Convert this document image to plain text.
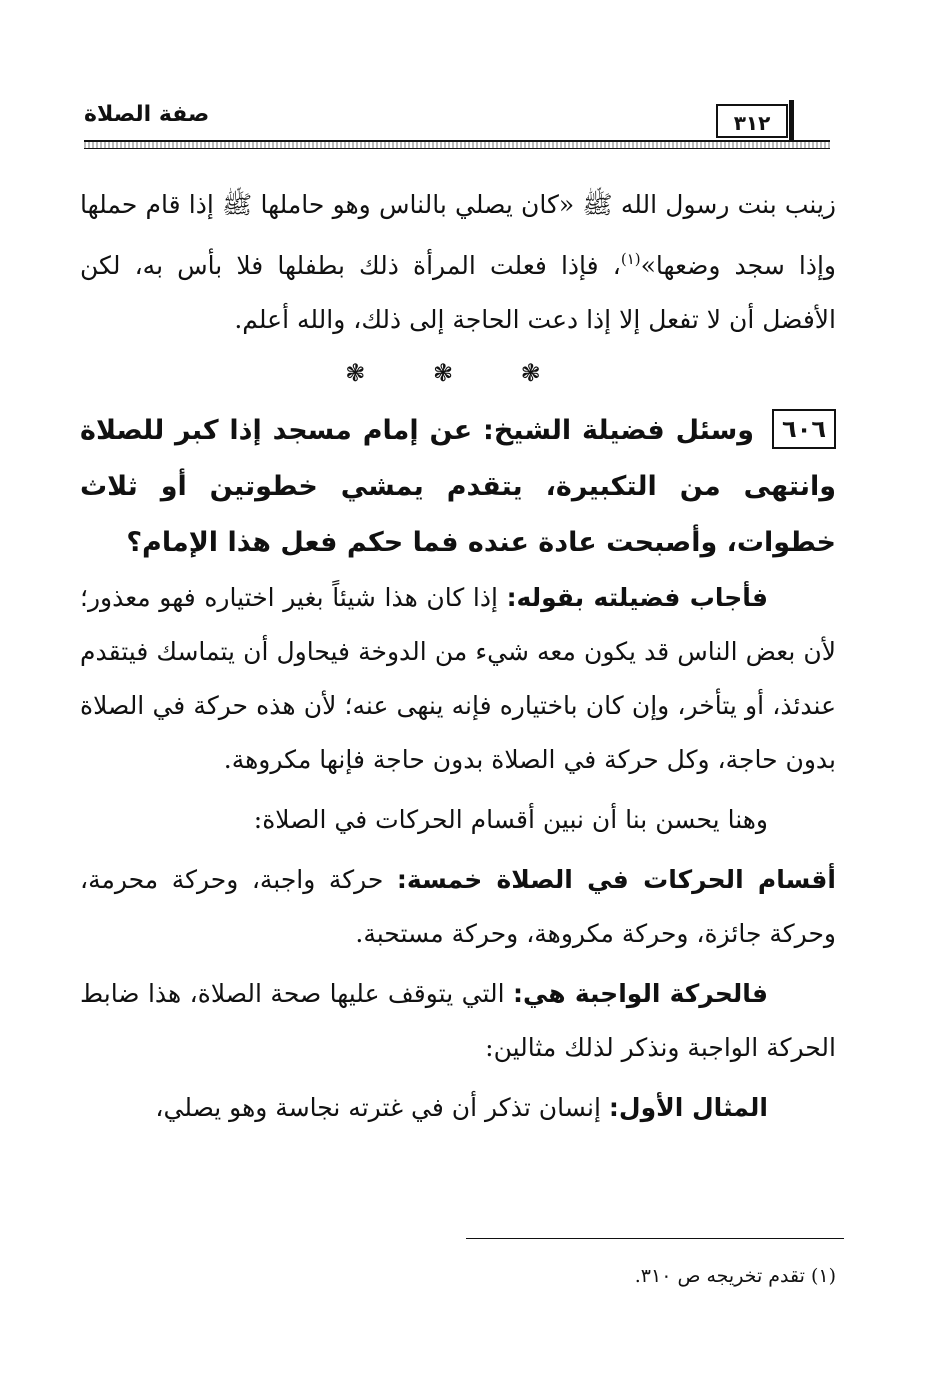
صفة الصلاة	٣١٢

زينب بنت رسول الله ﷺ «كان يصلي بالناس وهو حاملها ﷺ إذا قام حملها وإذا سجد وضعها»$^{(١)}$، فإذا فعلت المرأة ذلك بطفلها فلا بأس به، لكن الأفضل أن لا تفعل إلا إذا دعت الحاجة إلى ذلك، والله أعلم.

❃ ❃ ❃

٦٠٦وسئل فضيلة الشيخ: عن إمام مسجد إذا كبر للصلاة وانتهى من التكبيرة، يتقدم يمشي خطوتين أو ثلاث خطوات، وأصبحت عادة عنده فما حكم فعل هذا الإمام؟

فأجاب فضيلته بقوله: إذا كان هذا شيئاً بغير اختياره فهو معذور؛ لأن بعض الناس قد يكون معه شيء من الدوخة فيحاول أن يتماسك فيتقدم عندئذ، أو يتأخر، وإن كان باختياره فإنه ينهى عنه؛ لأن هذه حركة في الصلاة بدون حاجة، وكل حركة في الصلاة بدون حاجة فإنها مكروهة.

وهنا يحسن بنا أن نبين أقسام الحركات في الصلاة:

أقسام الحركات في الصلاة خمسة: حركة واجبة، وحركة محرمة، وحركة جائزة، وحركة مكروهة، وحركة مستحبة.

فالحركة الواجبة هي: التي يتوقف عليها صحة الصلاة، هذا ضابط الحركة الواجبة ونذكر لذلك مثالين:

المثال الأول: إنسان تذكر أن في غترته نجاسة وهو يصلي،

(١) تقدم تخريجه ص ٣١٠.
